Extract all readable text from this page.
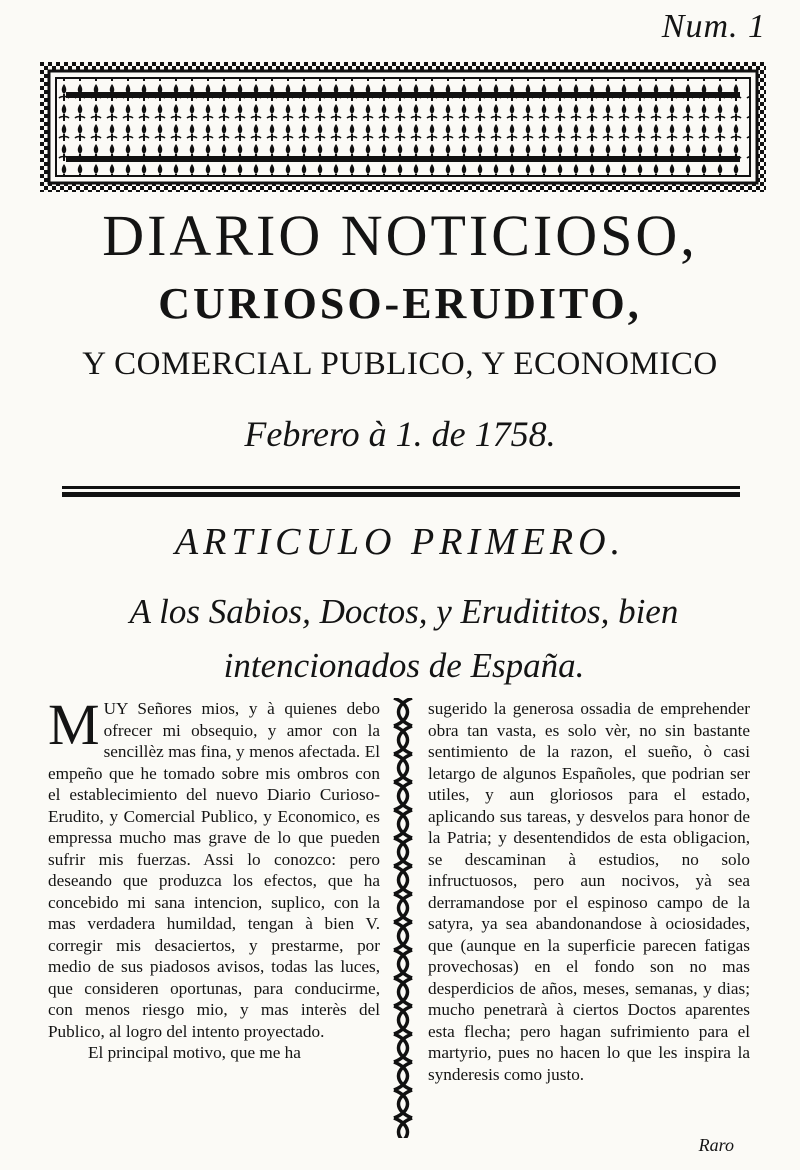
Num. 1
DIARIO NOTICIOSO,
CURIOSO-ERUDITO,
Y COMERCIAL PUBLICO, Y ECONOMICO
Febrero à 1. de 1758.
ARTICULO PRIMERO.
A los Sabios, Doctos, y Erudititos, bien intencionados de España.

MUY Señores mios, y à quienes debo ofrecer mi obsequio, y amor con la sencillèz mas fina, y menos afectada. El empeño que he tomado sobre mis ombros con el establecimiento del nuevo Diario Curioso-Erudito, y Comercial Publico, y Economico, es empressa mucho mas grave de lo que pueden sufrir mis fuerzas. Assi lo conozco: pero deseando que produzca los efectos, que ha concebido mi sana intencion, suplico, con la mas verdadera humildad, tengan à bien V. corregir mis desaciertos, y prestarme, por medio de sus piadosos avisos, todas las luces, que consideren oportunas, para conducirme, con menos riesgo mio, y mas interès del Publico, al logro del intento proyectado.

El principal motivo, que me ha

sugerido la generosa ossadia de emprehender obra tan vasta, es solo vèr, no sin bastante sentimiento de la razon, el sueño, ò casi letargo de algunos Españoles, que podrian ser utiles, y aun gloriosos para el estado, aplicando sus tareas, y desvelos para honor de la Patria; y desentendidos de esta obligacion, se descaminan à estudios, no solo infructuosos, pero aun nocivos, yà sea derramandose por el espinoso campo de la satyra, ya sea abandonandose à ociosidades, que (aunque en la superficie parecen fatigas provechosas) en el fondo son no mas desperdicios de años, meses, semanas, y dias; mucho penetrarà à ciertos Doctos aparentes esta flecha; pero hagan sufrimiento para el martyrio, pues no hacen lo que les inspira la synderesis como justo.

Raro
